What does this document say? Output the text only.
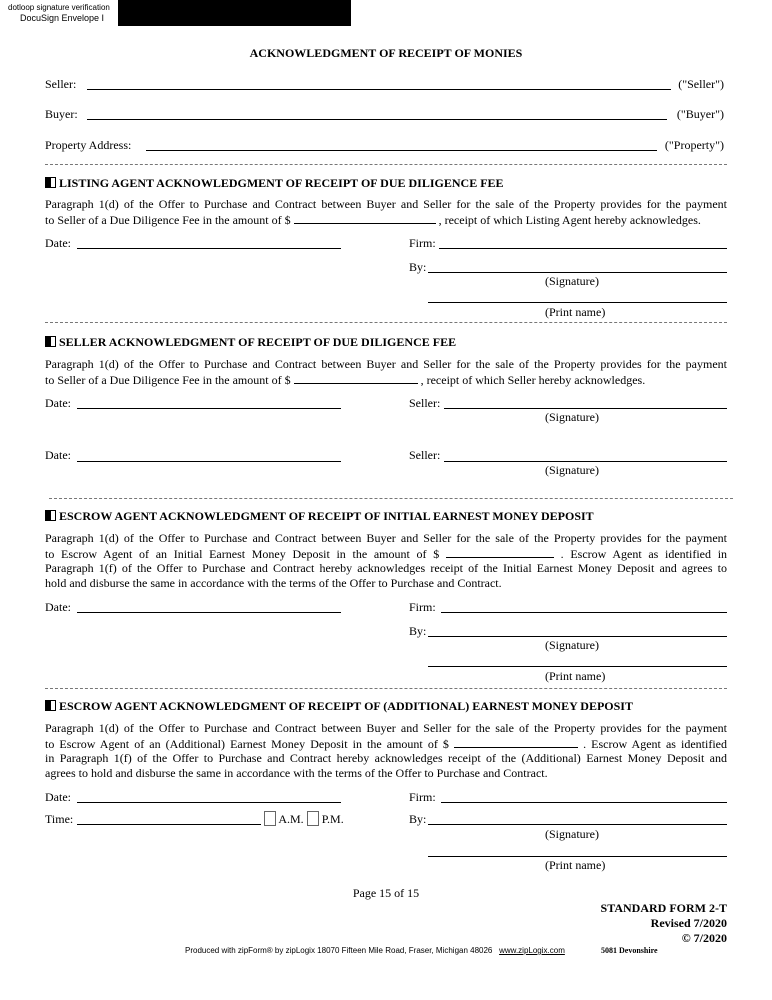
dotloop signature verification
DocuSign Envelope I
ACKNOWLEDGMENT OF RECEIPT OF MONIES
Seller:	("Seller")
Buyer:	("Buyer")
Property Address:	("Property")
LISTING AGENT ACKNOWLEDGMENT OF RECEIPT OF DUE DILIGENCE FEE
Paragraph 1(d) of the Offer to Purchase and Contract between Buyer and Seller for the sale of the Property provides for the payment
to Seller of a Due Diligence Fee in the amount of $	, receipt of which Listing Agent hereby acknowledges.
Date:	Firm:
By:
(Signature)
(Print name)
SELLER ACKNOWLEDGMENT OF RECEIPT OF DUE DILIGENCE FEE
Paragraph 1(d) of the Offer to Purchase and Contract between Buyer and Seller for the sale of the Property provides for the payment
to Seller of a Due Diligence Fee in the amount of $	, receipt of which Seller hereby acknowledges.
Date:	Seller:
(Signature)
Date:	Seller:
(Signature)
ESCROW AGENT ACKNOWLEDGMENT OF RECEIPT OF INITIAL EARNEST MONEY DEPOSIT
Paragraph 1(d) of the Offer to Purchase and Contract between Buyer and Seller for the sale of the Property provides for the payment
to Escrow Agent of an Initial Earnest Money Deposit in the amount of $	. Escrow Agent as identified in
Paragraph 1(f) of the Offer to Purchase and Contract hereby acknowledges receipt of the Initial Earnest Money Deposit and agrees to
hold and disburse the same in accordance with the terms of the Offer to Purchase and Contract.
Date:	Firm:
By:
(Signature)
(Print name)
ESCROW AGENT ACKNOWLEDGMENT OF RECEIPT OF (ADDITIONAL) EARNEST MONEY DEPOSIT
Paragraph 1(d) of the Offer to Purchase and Contract between Buyer and Seller for the sale of the Property provides for the payment
to Escrow Agent of an (Additional) Earnest Money Deposit in the amount of $	. Escrow Agent as identified
in Paragraph 1(f) of the Offer to Purchase and Contract hereby acknowledges receipt of the (Additional) Earnest Money Deposit and
agrees to hold and disburse the same in accordance with the terms of the Offer to Purchase and Contract.
Date:	Firm:
Time:	A.M. P.M.	By:
(Signature)
(Print name)
Page 15 of 15
STANDARD FORM 2-T
Revised 7/2020
© 7/2020
Produced with zipForm® by zipLogix 18070 Fifteen Mile Road, Fraser, Michigan 48026 www.zipLogix.com	5081 Devonshire
